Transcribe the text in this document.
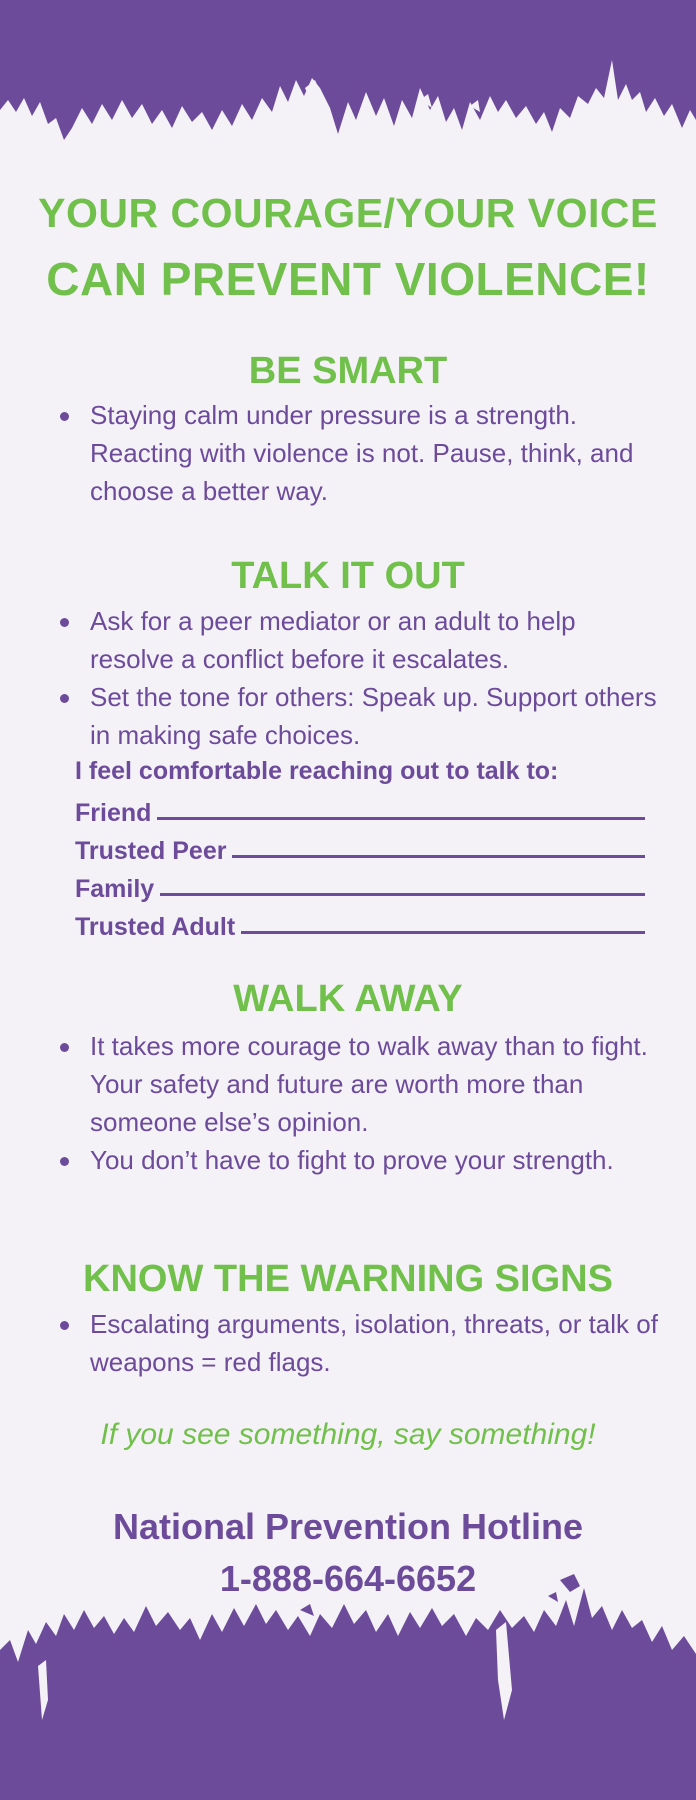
YOUR COURAGE/YOUR VOICE
CAN PREVENT VIOLENCE!
BE SMART
Staying calm under pressure is a strength. Reacting with violence is not. Pause, think, and choose a better way.
TALK IT OUT
Ask for a peer mediator or an adult to help resolve a conflict before it escalates.
Set the tone for others: Speak up. Support others in making safe choices.
I feel comfortable reaching out to talk to:
Friend
Trusted Peer
Family
Trusted Adult
WALK AWAY
It takes more courage to walk away than to fight. Your safety and future are worth more than someone else’s opinion.
You don’t have to fight to prove your strength.
KNOW THE WARNING SIGNS
Escalating arguments, isolation, threats, or talk of weapons = red flags.

If you see something, say something!

National Prevention Hotline

1-888-664-6652
